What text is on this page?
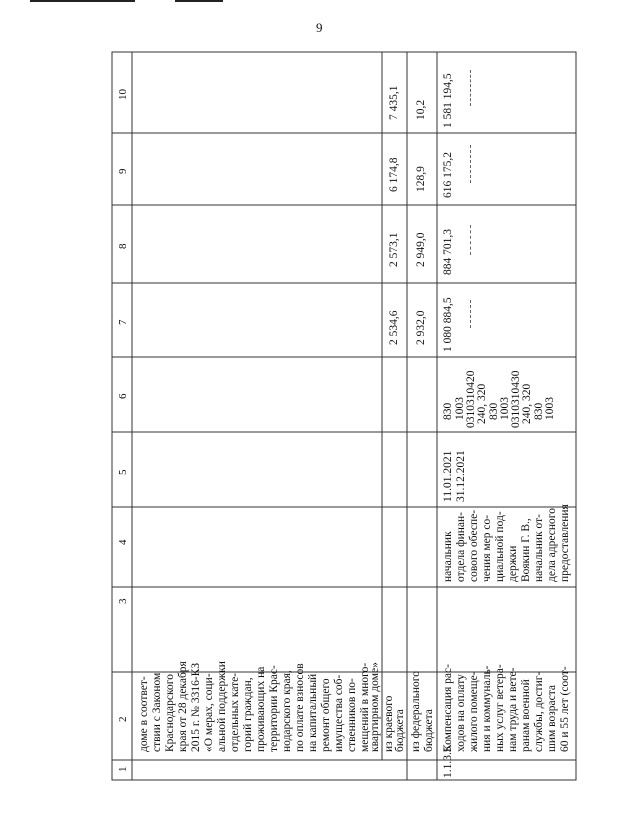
9
1
2
3
4
5
6
7
8
9
10
доме в соответ- ствии с Законом Краснодарского края от 28 декабря 2015 г. № 3316-КЗ «О мерах, соци- альной поддержки отдельных кате- горий граждан, проживающих на территории Крас- нодарского края, по оплате взносов на капитальный ремонт общего имущества соб- ственников по- мещений в много-
квартирном доме» из краевого бюджета
2 534,6
2 573,1
6 174,8
7 435,1
из федерального бюджета
2 932,0
2 949,0
128,9
10,2
1.1.3.5
Компенсация рас- ходов на оплату жилого помеще- ния и коммуналь- ных услуг ветера- нам труда и вете- ранам военной службы, достиг- шим возраста 60 и 55 лет (соот-
начальник отдела финан- сового обеспе- чения мер со- циальной под- держки Воякин Г. В., начальник от- дела адресного предоставления
11.01.2021 31.12.2021
830 1003 0310310420 240, 320 830 1003 0310310430 240, 320 830 1003
1 080 884,5
884 701,3
616 175,2
1 581 194,5
